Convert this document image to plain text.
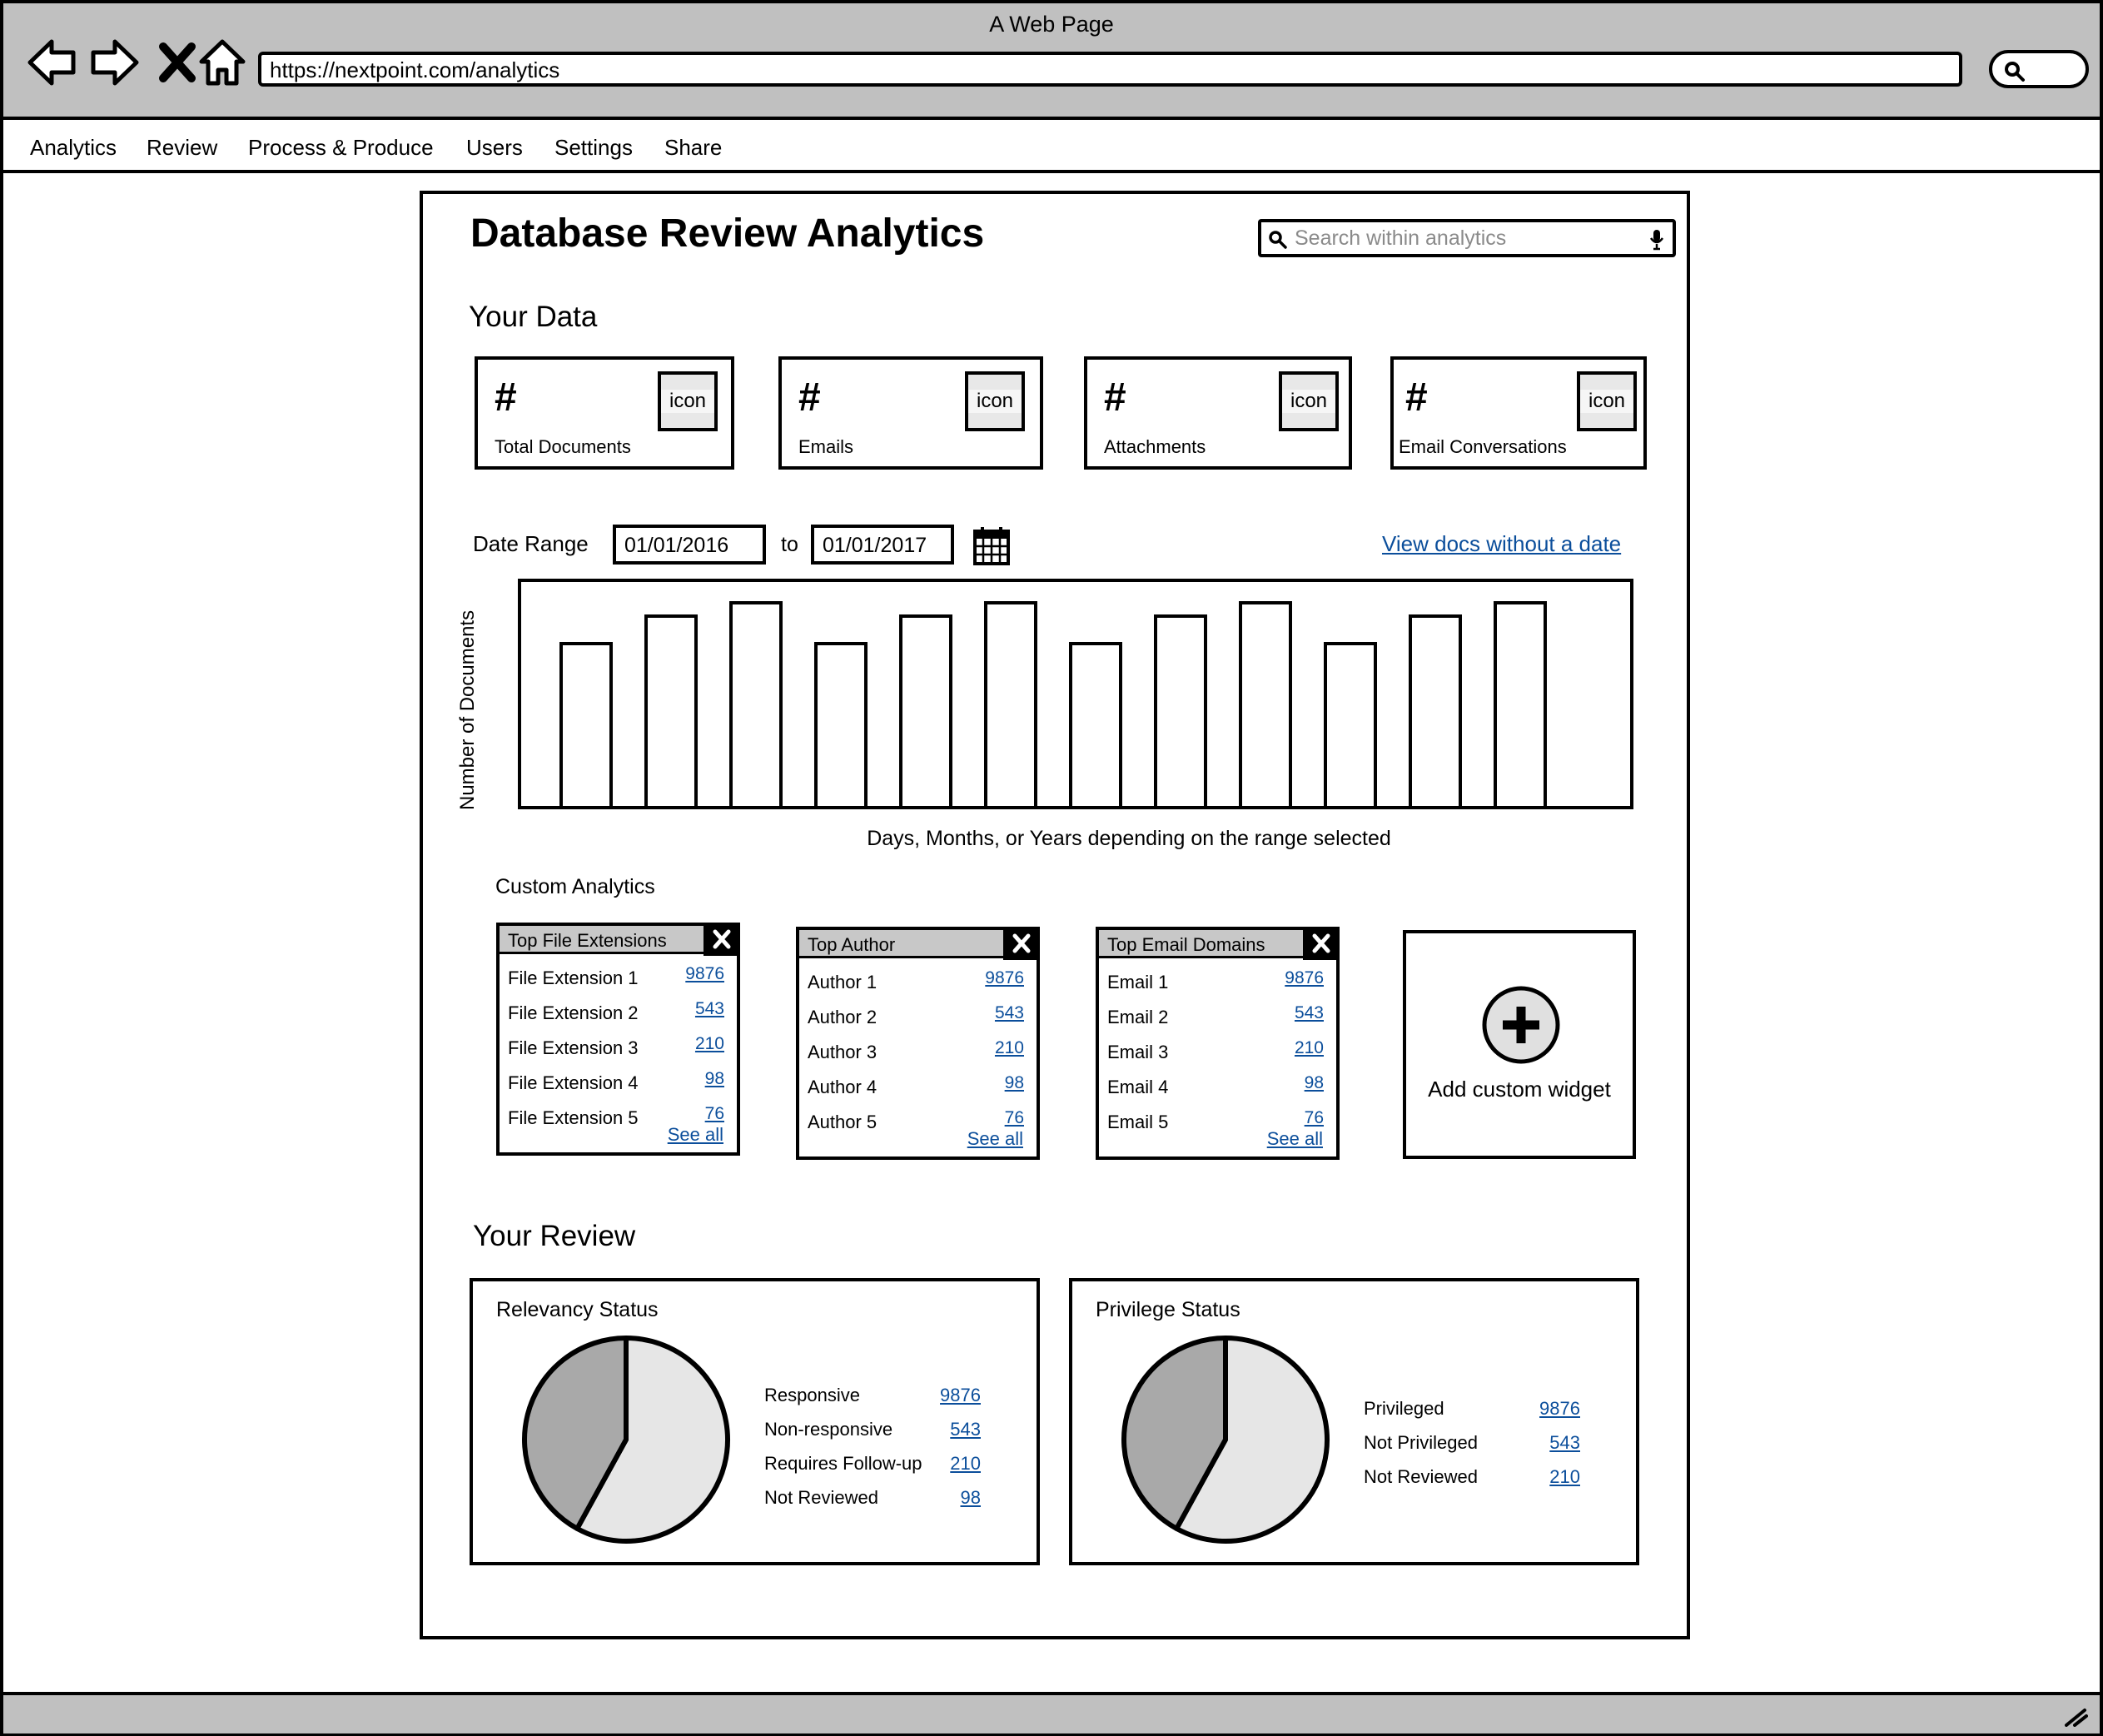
A Web Page
https://nextpoint.com/analytics
Analytics Review Process & Produce Users Settings Share
Database Review Analytics
Search within analytics
Your Data
#
Total Documents
icon #
Emails
icon #
Attachments
icon #
Email Conversations
icon
Date Range	01/01/2016	to	01/01/2017	View docs without a date
Number of Documents
Days, Months, or Years depending on the range selected
Custom Analytics
Top File Extensions
File Extension 1	9876
File Extension 2	543
File Extension 3	210
File Extension 4	98
File Extension 5	76
See all
Top Author
Author 1	9876
Author 2	543
Author 3	210
Author 4	98
Author 5	76
See all
Top Email Domains
Email 1	9876
Email 2	543
Email 3	210
Email 4	98
Email 5	76
See all
Add custom widget
Your Review
Relevancy Status
Responsive	9876
Non-responsive	543
Requires Follow-up 210
Not Reviewed	98
Privilege Status
Privileged	9876
Not Privileged	543
Not Reviewed	210
